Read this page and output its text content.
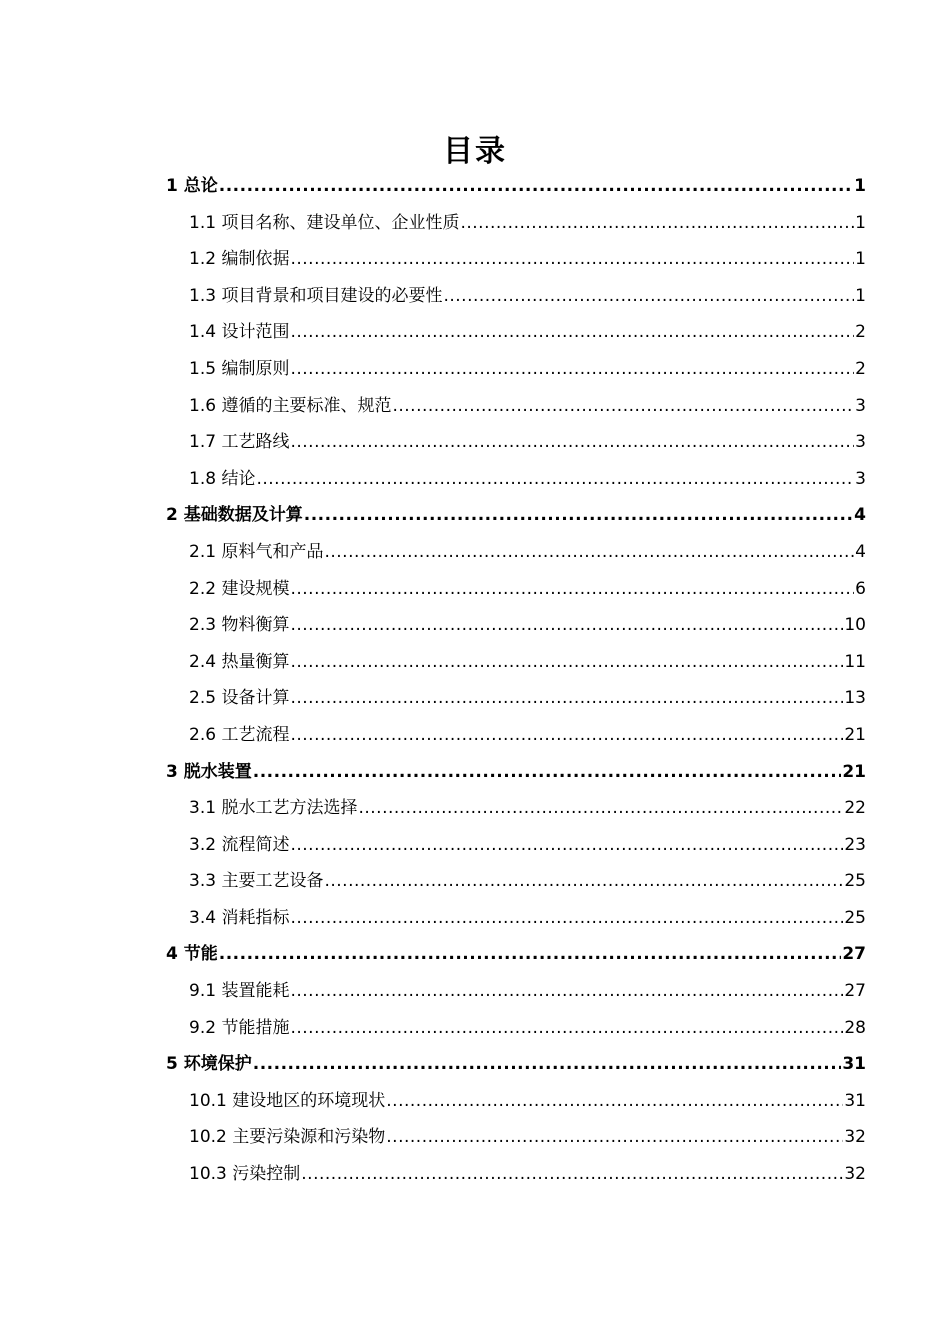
目录
1 总论 .....	1
1.1 项目名称、建设单位、企业性质 .....	1
1.2 编制依据 .....	1
1.3 项目背景和项目建设的必要性 .....	1
1.4 设计范围 .....	2
1.5 编制原则 .....	2
1.6 遵循的主要标准、规范 .....	3
1.7 工艺路线 .....	3
1.8 结论 .....	3
2 基础数据及计算 .....	4
2.1 原料气和产品 .....	4
2.2 建设规模 .....	6
2.3 物料衡算 .....	10
2.4 热量衡算 .....	11
2.5 设备计算 .....	13
2.6 工艺流程 .....	21
3 脱水装置 .....	21
3.1 脱水工艺方法选择 .....	22
3.2 流程简述 .....	23
3.3 主要工艺设备 .....	25
3.4 消耗指标 .....	25
4 节能 .....	27
9.1 装置能耗 .....	27
9.2 节能措施 .....	28
5 环境保护 .....	31
10.1 建设地区的环境现状 .....	31
10.2 主要污染源和污染物 .....	32
10.3 污染控制 .....	32
